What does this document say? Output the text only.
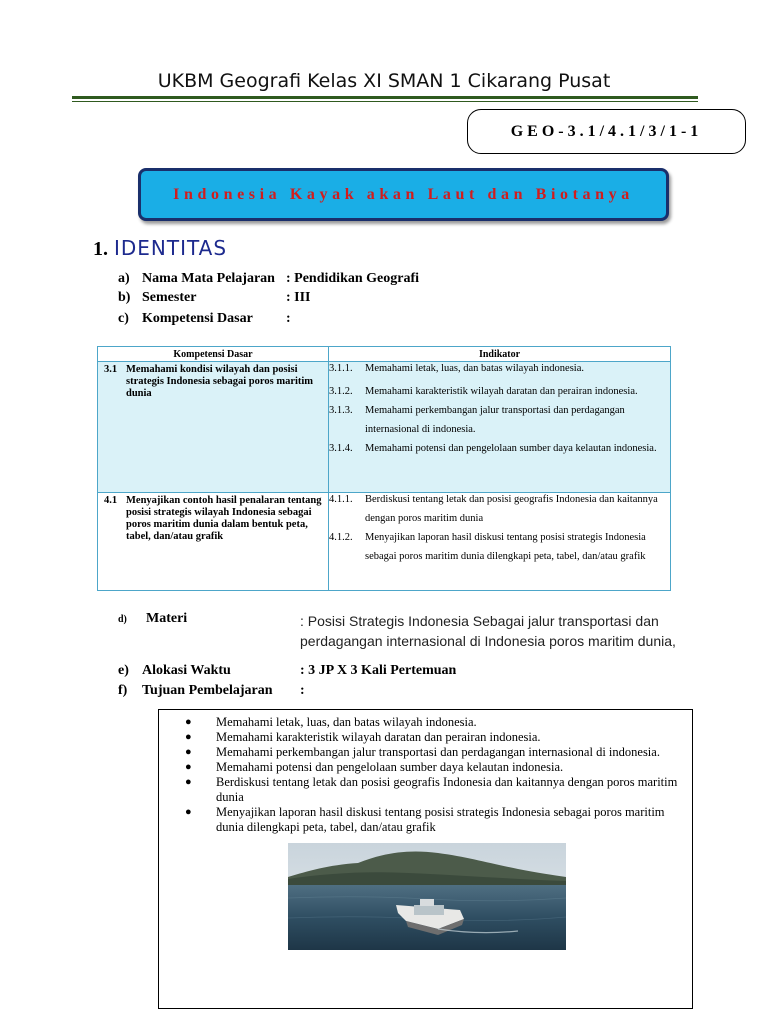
UKBM Geografi Kelas XI SMAN 1 Cikarang Pusat
GEO-3.1/4.1/3/1-1
Indonesia Kayak akan Laut dan Biotanya
1. IDENTITAS
a) Nama Mata Pelajaran : Pendidikan Geografi
b) Semester	: III
c) Kompetensi Dasar	:
Kompetensi Dasar	Indikator
3.1 Memahami kondisi wilayah dan posisi strategis Indonesia sebagai poros maritim dunia
3.1.1.	Memahami letak, luas, dan batas wilayah indonesia.
3.1.2.	Memahami karakteristik wilayah daratan dan perairan indonesia.
3.1.3.	Memahami perkembangan jalur transportasi dan perdagangan internasional di indonesia.
3.1.4.	Memahami potensi dan pengelolaan sumber daya kelautan indonesia.
4.1 Menyajikan contoh hasil penalaran tentang posisi strategis wilayah Indonesia sebagai poros maritim dunia dalam bentuk peta, tabel, dan/atau grafik
4.1.1.	Berdiskusi tentang letak dan posisi geografis Indonesia dan kaitannya dengan poros maritim dunia
4.1.2.	Menyajikan laporan hasil diskusi tentang posisi strategis Indonesia sebagai poros maritim dunia dilengkapi peta, tabel, dan/atau grafik
d)	Materi	: Posisi Strategis Indonesia Sebagai jalur transportasi dan perdagangan internasional di Indonesia poros maritim dunia,
e) Alokasi Waktu	: 3 JP X 3 Kali Pertemuan
f)	Tujuan Pembelajaran	:
● Memahami letak, luas, dan batas wilayah indonesia.
● Memahami karakteristik wilayah daratan dan perairan indonesia.
● Memahami perkembangan jalur transportasi dan perdagangan internasional di indonesia.
● Memahami potensi dan pengelolaan sumber daya kelautan indonesia.
● Berdiskusi tentang letak dan posisi geografis Indonesia dan kaitannya dengan poros maritim dunia
● Menyajikan laporan hasil diskusi tentang posisi strategis Indonesia sebagai poros maritim dunia dilengkapi peta, tabel, dan/atau grafik
